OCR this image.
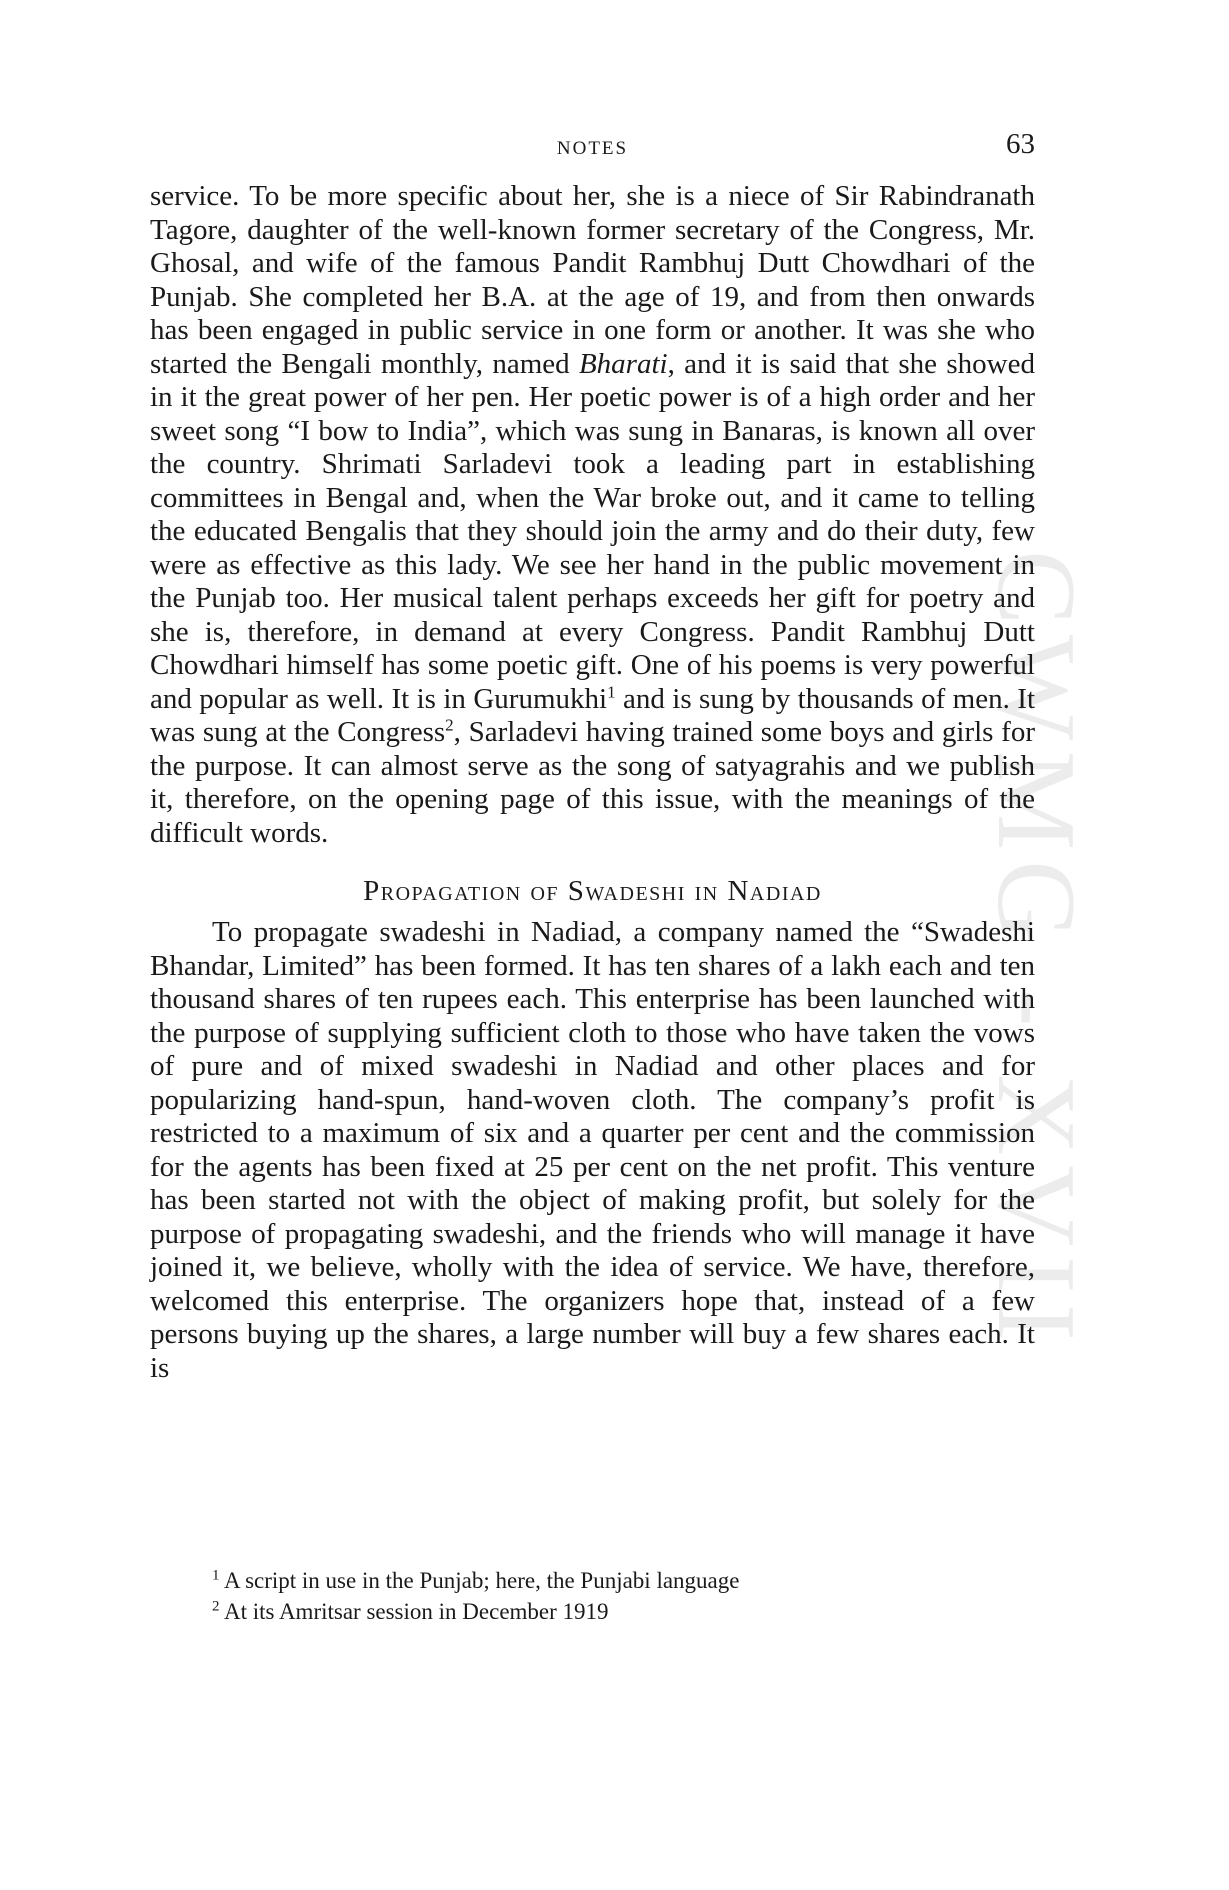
CWMG - XVII
NOTES	63

service. To be more specific about her, she is a niece of Sir Rabindranath Tagore, daughter of the well-known former secretary of the Congress, Mr. Ghosal, and wife of the famous Pandit Rambhuj Dutt Chowdhari of the Punjab. She completed her B.A. at the age of 19, and from then onwards has been engaged in public service in one form or another. It was she who started the Bengali monthly, named Bharati, and it is said that she showed in it the great power of her pen. Her poetic power is of a high order and her sweet song “I bow to India”, which was sung in Banaras, is known all over the country. Shrimati Sarladevi took a leading part in establishing committees in Bengal and, when the War broke out, and it came to telling the educated Bengalis that they should join the army and do their duty, few were as effective as this lady. We see her hand in the public movement in the Punjab too. Her musical talent perhaps exceeds her gift for poetry and she is, therefore, in demand at every Congress. Pandit Rambhuj Dutt Chowdhari himself has some poetic gift. One of his poems is very powerful and popular as well. It is in Gurumukhi$^1$ and is sung by thousands of men. It was sung at the Congress$^2$, Sarladevi having trained some boys and girls for the purpose. It can almost serve as the song of satyagrahis and we publish it, therefore, on the opening page of this issue, with the meanings of the difficult words.

Propagation of Swadeshi in Nadiad

To propagate swadeshi in Nadiad, a company named the “Swadeshi Bhandar, Limited” has been formed. It has ten shares of a lakh each and ten thousand shares of ten rupees each. This enterprise has been launched with the purpose of supplying sufficient cloth to those who have taken the vows of pure and of mixed swadeshi in Nadiad and other places and for popularizing hand-spun, hand-woven cloth. The company’s profit is restricted to a maximum of six and a quarter per cent and the commission for the agents has been fixed at 25 per cent on the net profit. This venture has been started not with the object of making profit, but solely for the purpose of propagating swadeshi, and the friends who will manage it have joined it, we believe, wholly with the idea of service. We have, therefore, welcomed this enterprise. The organizers hope that, instead of a few persons buying up the shares, a large number will buy a few shares each. It is

$^1$ A script in use in the Punjab; here, the Punjabi language

$^2$ At its Amritsar session in December 1919
